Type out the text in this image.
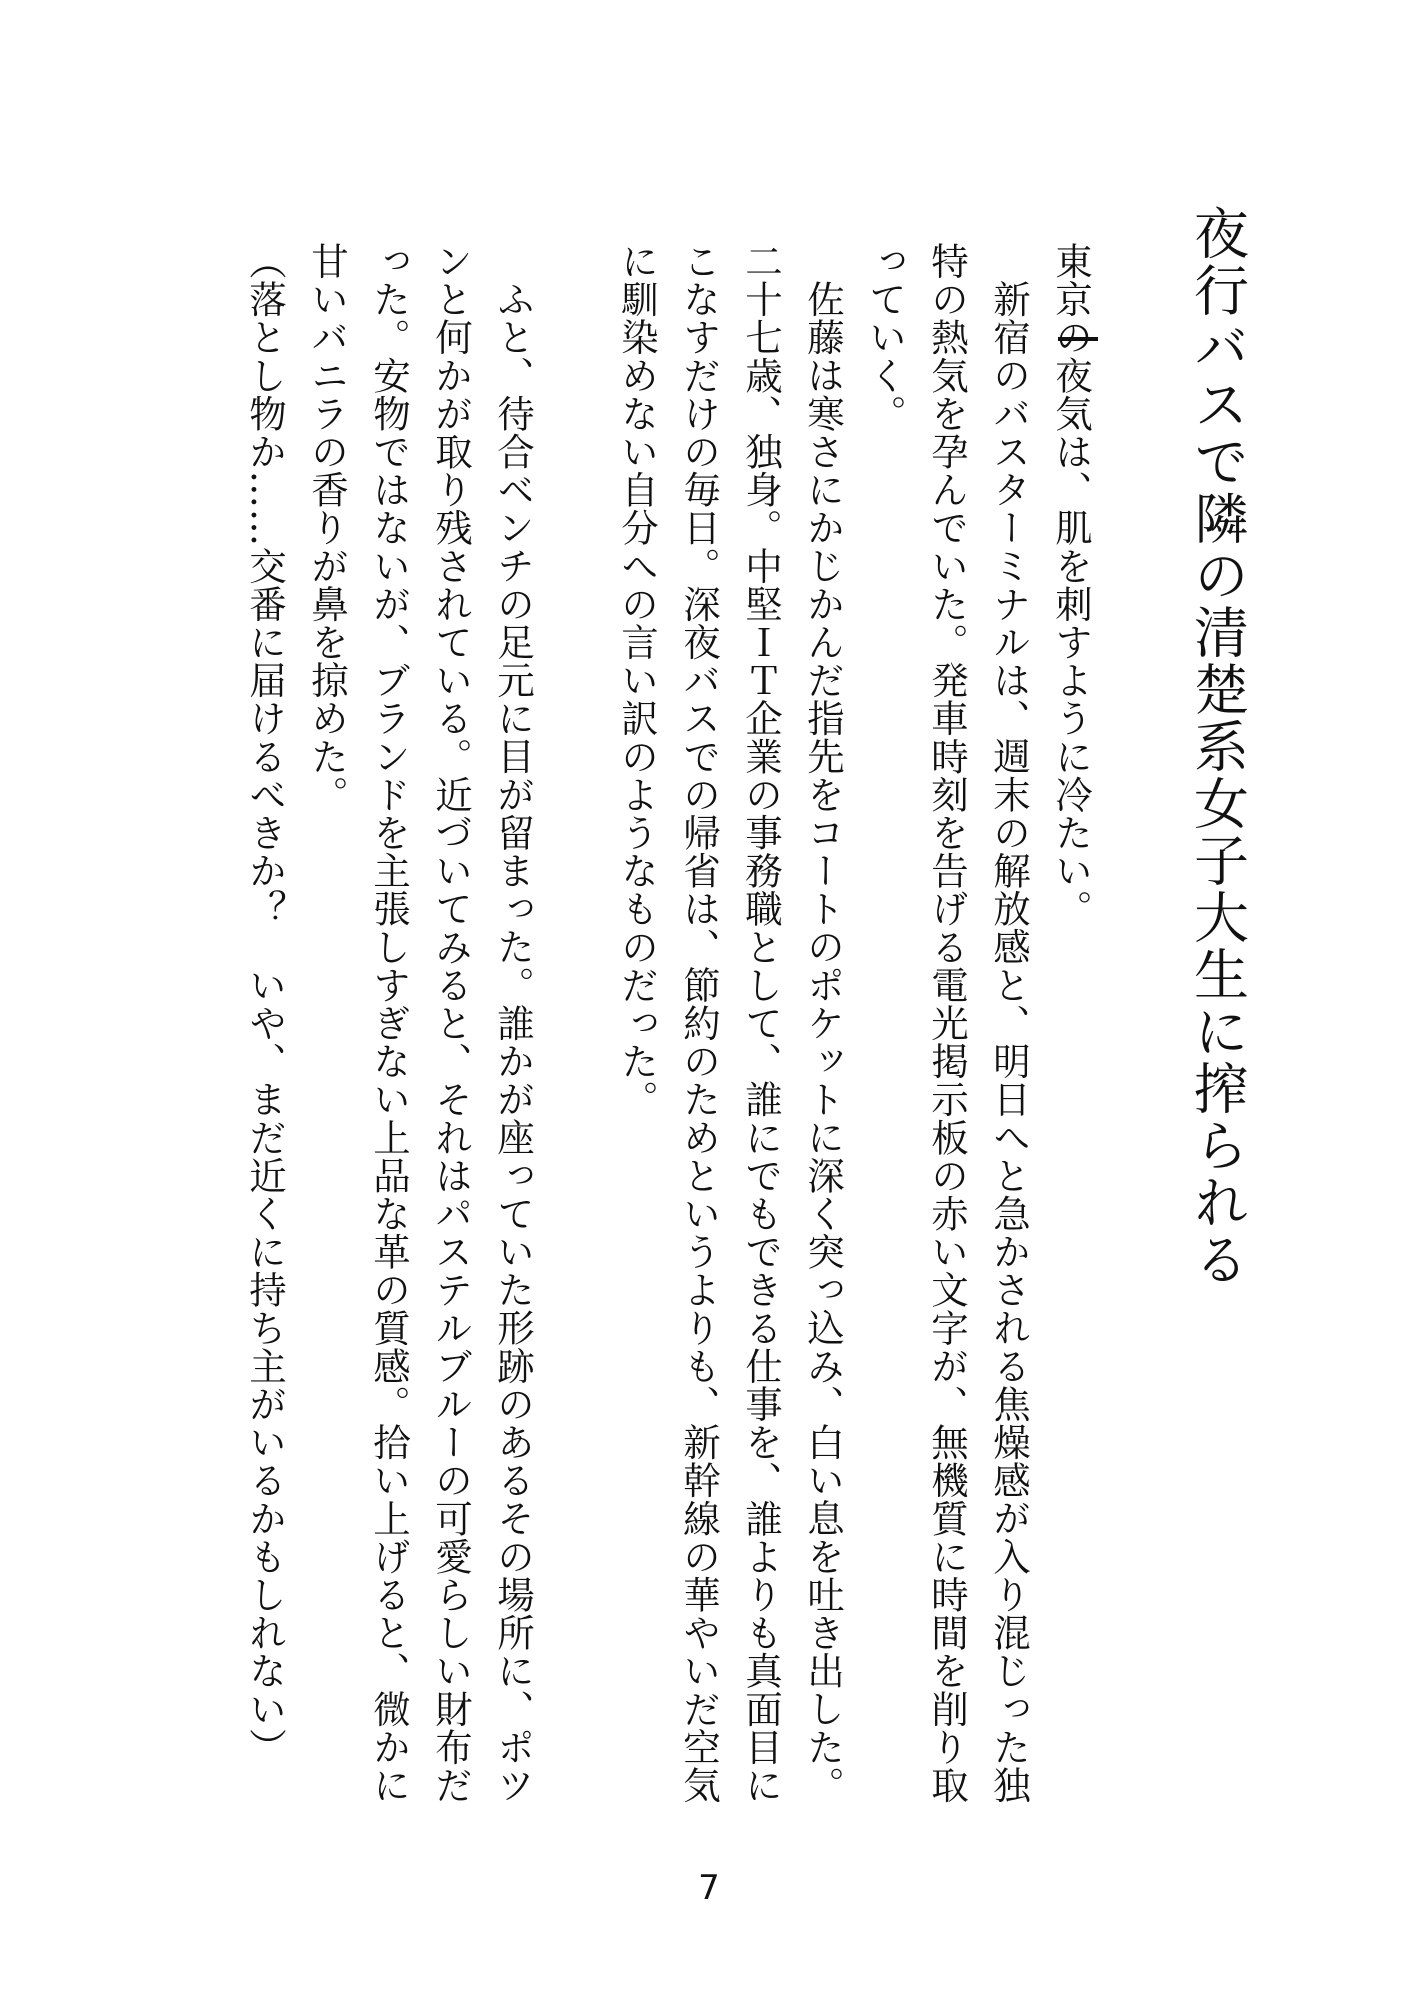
夜行バスで隣の清楚系女子大生に搾られる

東京の夜気は、肌を刺すように冷たい。

新宿のバスターミナルは、週末の解放感と、明日へと急かされる焦燥感が入り混じった独特の熱気を孕んでいた。発車時刻を告げる電光掲示板の赤い文字が、無機質に時間を削り取っていく。

佐藤は寒さにかじかんだ指先をコートのポケットに深く突っ込み、白い息を吐き出した。二十七歳、独身。中堅ＩＴ企業の事務職として、誰にでもできる仕事を、誰よりも真面目にこなすだけの毎日。深夜バスでの帰省は、節約のためというよりも、新幹線の華やいだ空気に馴染めない自分への言い訳のようなものだった。

ふと、待合ベンチの足元に目が留まった。誰かが座っていた形跡のあるその場所に、ポツンと何かが取り残されている。近づいてみると、それはパステルブルーの可愛らしい財布だった。安物ではないが、ブランドを主張しすぎない上品な革の質感。拾い上げると、微かに甘いバニラの香りが鼻を掠めた。

（落とし物か……交番に届けるべきか？　いや、まだ近くに持ち主がいるかもしれない）

7
